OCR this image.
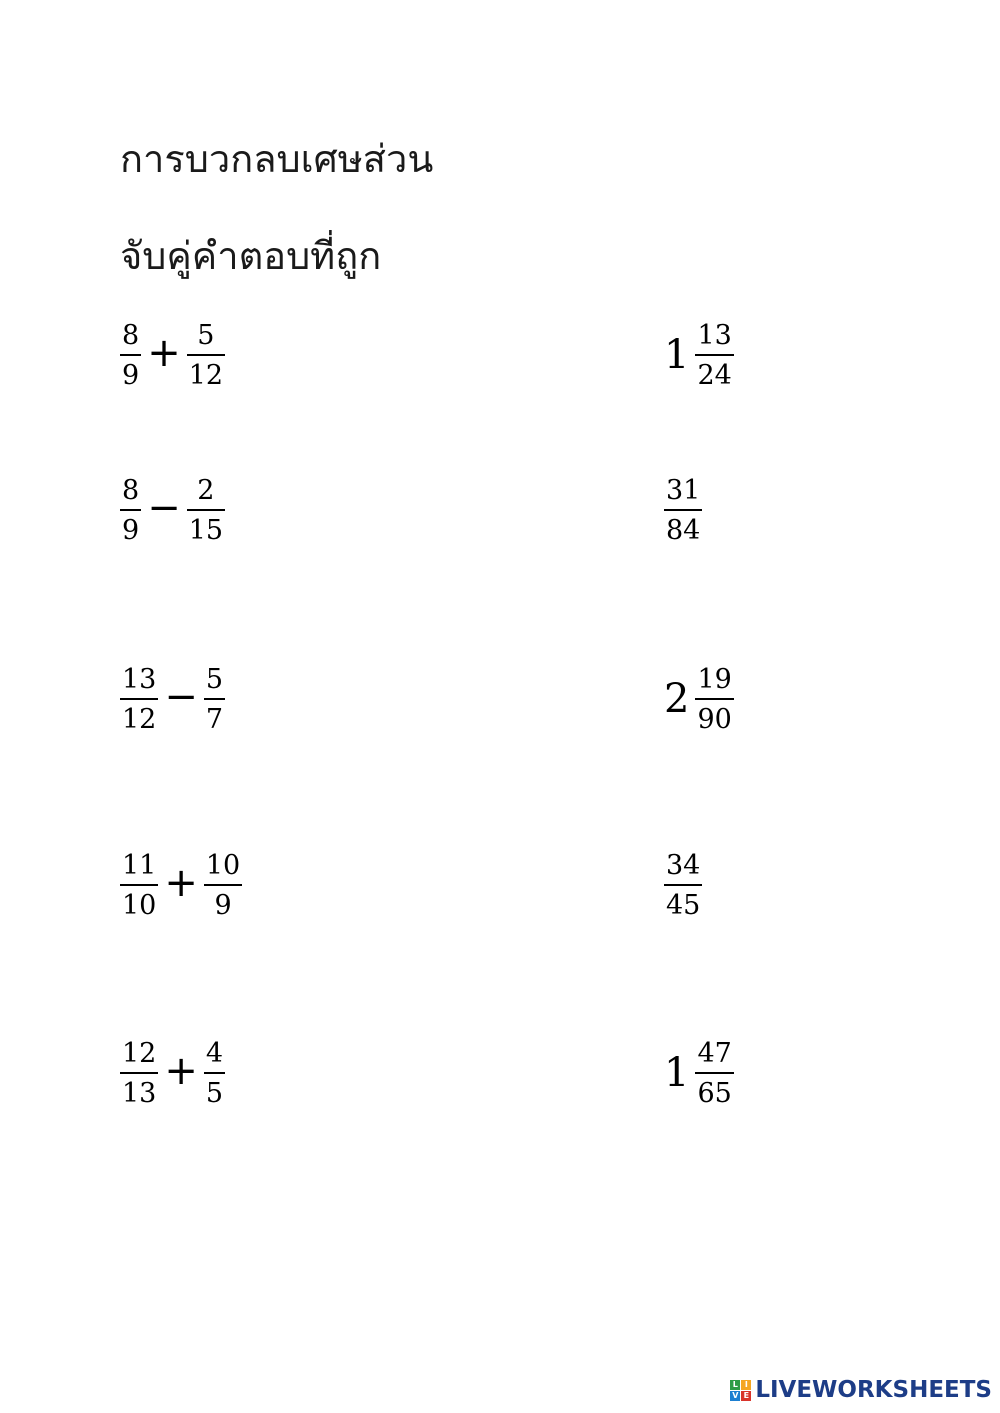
การบวกลบเศษส่วน
จับคู่คำตอบที่ถูก
$\frac{8}{9} + \frac{5}{12}$
$\frac{8}{9} - \frac{2}{15}$
$\frac{13}{12} - \frac{5}{7}$
$\frac{11}{10} + \frac{10}{9}$
$\frac{12}{13} + \frac{4}{5}$
$1 \frac{13}{24}$
$\frac{31}{84}$
$2 \frac{19}{90}$
$\frac{34}{45}$
$1 \frac{47}{65}$
L I
V E LIVEWORKSHEETS
